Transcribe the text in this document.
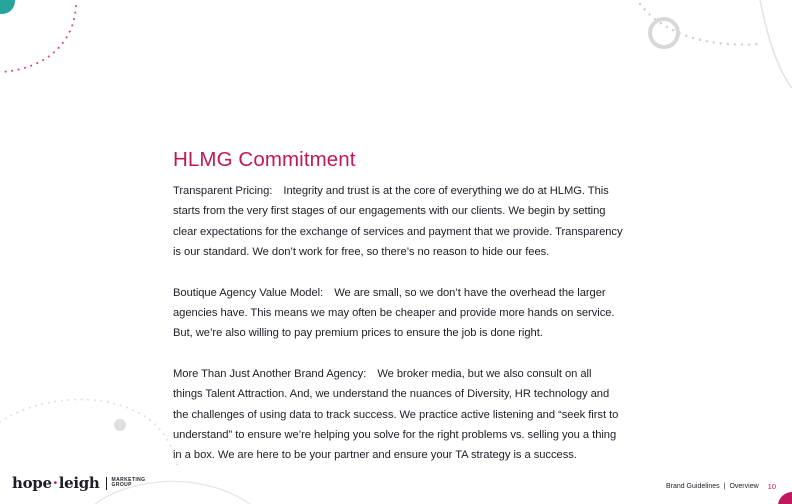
HLMG Commitment

Transparent Pricing: Integrity and trust is at the core of everything we do at HLMG. This starts from the very first stages of our engagements with our clients. We begin by setting clear expectations for the exchange of services and payment that we provide. Transparency is our standard. We don’t work for free, so there’s no reason to hide our fees.

Boutique Agency Value Model: We are small, so we don’t have the overhead the larger agencies have. This means we may often be cheaper and provide more hands on service. But, we’re also willing to pay premium prices to ensure the job is done right.

More Than Just Another Brand Agency: We broker media, but we also consult on all things Talent Attraction. And, we understand the nuances of Diversity, HR technology and the challenges of using data to track success. We practice active listening and “seek first to understand” to ensure we’re helping you solve for the right problems vs. selling you a thing in a box. We are here to be your partner and ensure your TA strategy is a success.

hope·leigh MARKETING
GROUP	Brand Guidelines | Overview 10
